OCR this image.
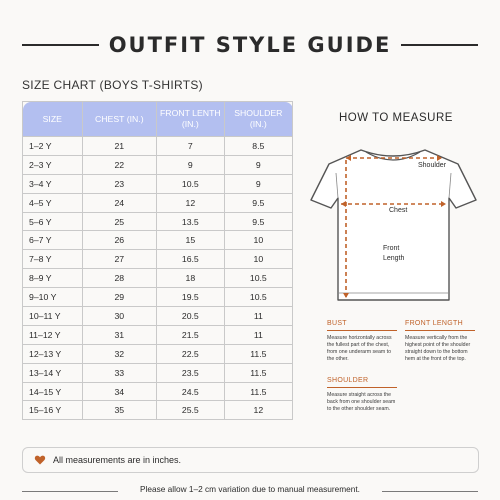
OUTFIT STYLE GUIDE
SIZE CHART (BOYS T-SHIRTS)
SIZE	CHEST (IN.)	FRONT LENTH (IN.)	SHOULDER (IN.)
1–2 Y	21	7	8.5
2–3 Y	22	9	9
3–4 Y	23	10.5	9
4–5 Y	24	12	9.5
5–6 Y	25	13.5	9.5
6–7 Y	26	15	10
7–8 Y	27	16.5	10
8–9 Y	28	18	10.5
9–10 Y	29	19.5	10.5
10–11 Y	30	20.5	11
11–12 Y	31	21.5	11
12–13 Y	32	22.5	11.5
13–14 Y	33	23.5	11.5
14–15 Y	34	24.5	11.5
15–16 Y	35	25.5	12
HOW TO MEASURE
Shoulder
Chest
Front Length
BUST
Measure horizontally across the fullest part of the chest, from one underarm seam to the other.
FRONT LENGTH
Measure vertically from the highest point of the shoulder straight down to the bottom hem at the front of the top.
SHOULDER
Measure straight across the back from one shoulder seam to the other shoulder seam.
All measurements are in inches.
Please allow 1–2 cm variation due to manual measurement.
